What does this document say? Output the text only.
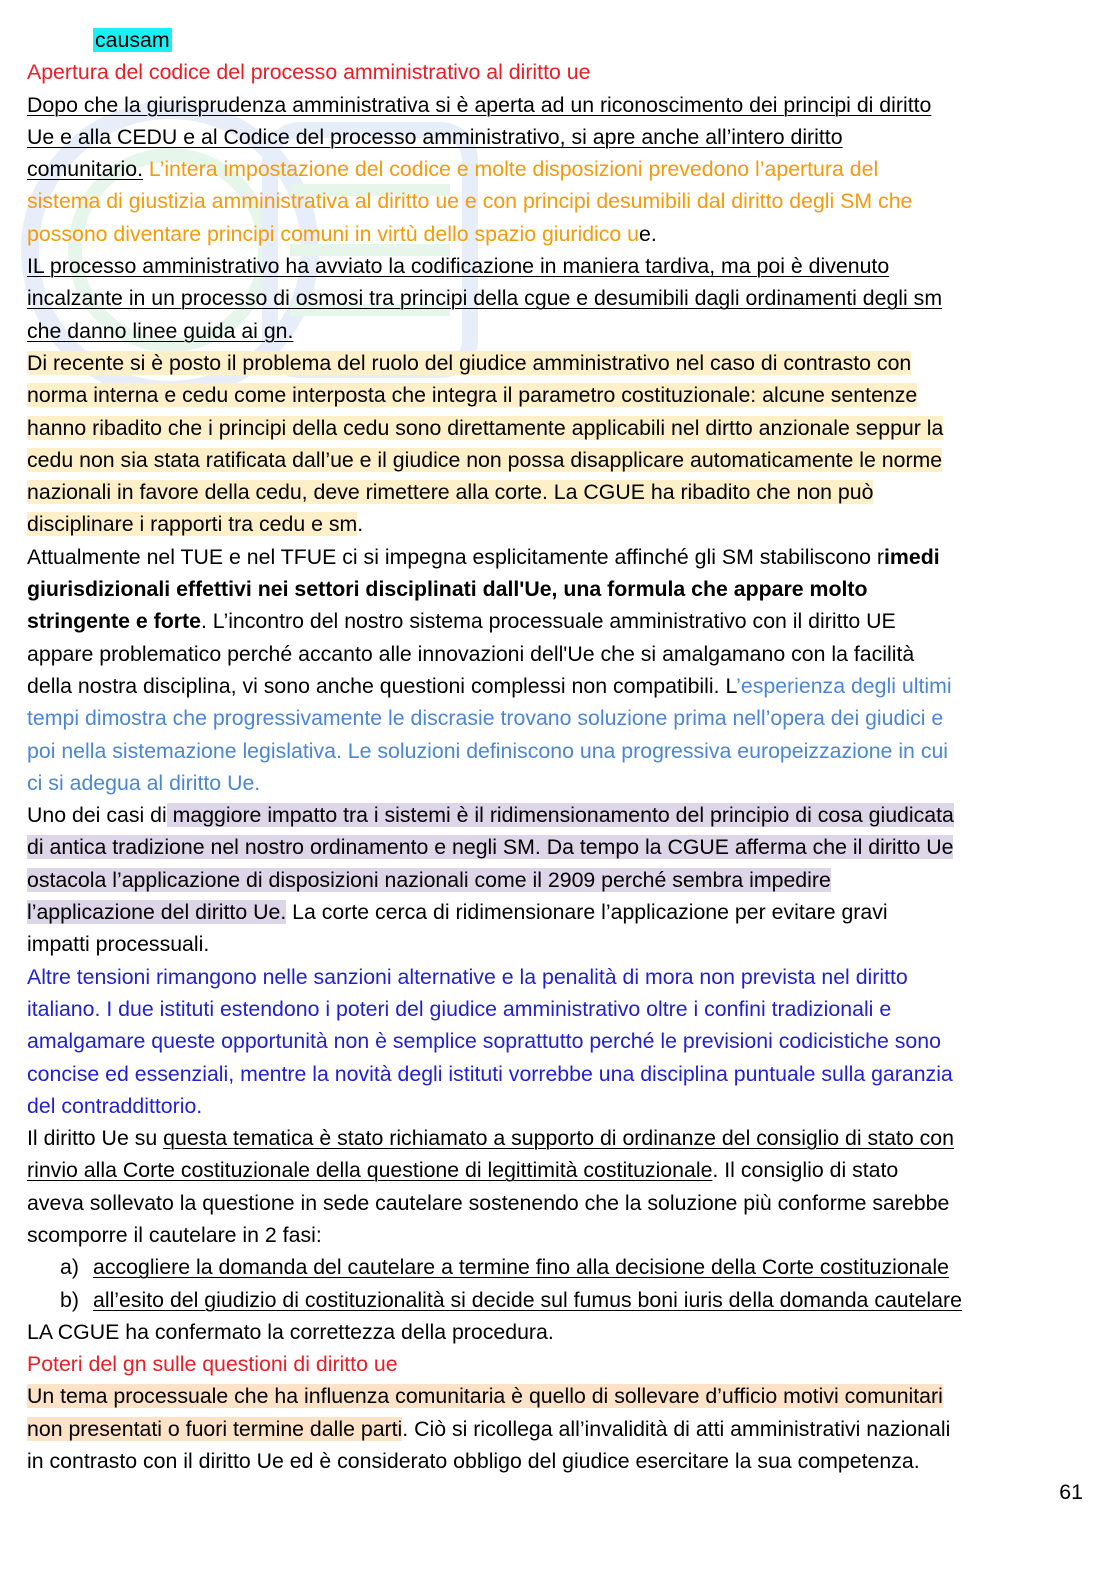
causam

Apertura del codice del processo amministrativo al diritto ue

Dopo che la giurisprudenza amministrativa si è aperta ad un riconoscimento dei principi di diritto

Ue e alla CEDU e al Codice del processo amministrativo, si apre anche all’intero diritto

comunitario. L’intera impostazione del codice e molte disposizioni prevedono l’apertura del

sistema di giustizia amministrativa al diritto ue e con principi desumibili dal diritto degli SM che

possono diventare principi comuni in virtù dello spazio giuridico ue.

IL processo amministrativo ha avviato la codificazione in maniera tardiva, ma poi è divenuto

incalzante in un processo di osmosi tra principi della cgue e desumibili dagli ordinamenti degli sm

che danno linee guida ai gn.

Di recente si è posto il problema del ruolo del giudice amministrativo nel caso di contrasto con

norma interna e cedu come interposta che integra il parametro costituzionale: alcune sentenze

hanno ribadito che i principi della cedu sono direttamente applicabili nel dirtto anzionale seppur la

cedu non sia stata ratificata dall’ue e il giudice non possa disapplicare automaticamente le norme

nazionali in favore della cedu, deve rimettere alla corte. La CGUE ha ribadito che non può

disciplinare i rapporti tra cedu e sm.

Attualmente nel TUE e nel TFUE ci si impegna esplicitamente affinché gli SM stabiliscono rimedi

giurisdizionali effettivi nei settori disciplinati dall'Ue, una formula che appare molto

stringente e forte. L’incontro del nostro sistema processuale amministrativo con il diritto UE

appare problematico perché accanto alle innovazioni dell'Ue che si amalgamano con la facilità

della nostra disciplina, vi sono anche questioni complessi non compatibili. L’esperienza degli ultimi

tempi dimostra che progressivamente le discrasie trovano soluzione prima nell’opera dei giudici e

poi nella sistemazione legislativa. Le soluzioni definiscono una progressiva europeizzazione in cui

ci si adegua al diritto Ue.

Uno dei casi di maggiore impatto tra i sistemi è il ridimensionamento del principio di cosa giudicata

di antica tradizione nel nostro ordinamento e negli SM. Da tempo la CGUE afferma che il diritto Ue

ostacola l’applicazione di disposizioni nazionali come il 2909 perché sembra impedire

l’applicazione del diritto Ue. La corte cerca di ridimensionare l’applicazione per evitare gravi

impatti processuali.

Altre tensioni rimangono nelle sanzioni alternative e la penalità di mora non prevista nel diritto

italiano. I due istituti estendono i poteri del giudice amministrativo oltre i confini tradizionali e

amalgamare queste opportunità non è semplice soprattutto perché le previsioni codicistiche sono

concise ed essenziali, mentre la novità degli istituti vorrebbe una disciplina puntuale sulla garanzia

del contraddittorio.

Il diritto Ue su questa tematica è stato richiamato a supporto di ordinanze del consiglio di stato con

rinvio alla Corte costituzionale della questione di legittimità costituzionale. Il consiglio di stato

aveva sollevato la questione in sede cautelare sostenendo che la soluzione più conforme sarebbe

scomporre il cautelare in 2 fasi:

a) accogliere la domanda del cautelare a termine fino alla decisione della Corte costituzionale

b) all’esito del giudizio di costituzionalità si decide sul fumus boni iuris della domanda cautelare

LA CGUE ha confermato la correttezza della procedura.

Poteri del gn sulle questioni di diritto ue

Un tema processuale che ha influenza comunitaria è quello di sollevare d’ufficio motivi comunitari

non presentati o fuori termine dalle parti. Ciò si ricollega all’invalidità di atti amministrativi nazionali

in contrasto con il diritto Ue ed è considerato obbligo del giudice esercitare la sua competenza.

61
